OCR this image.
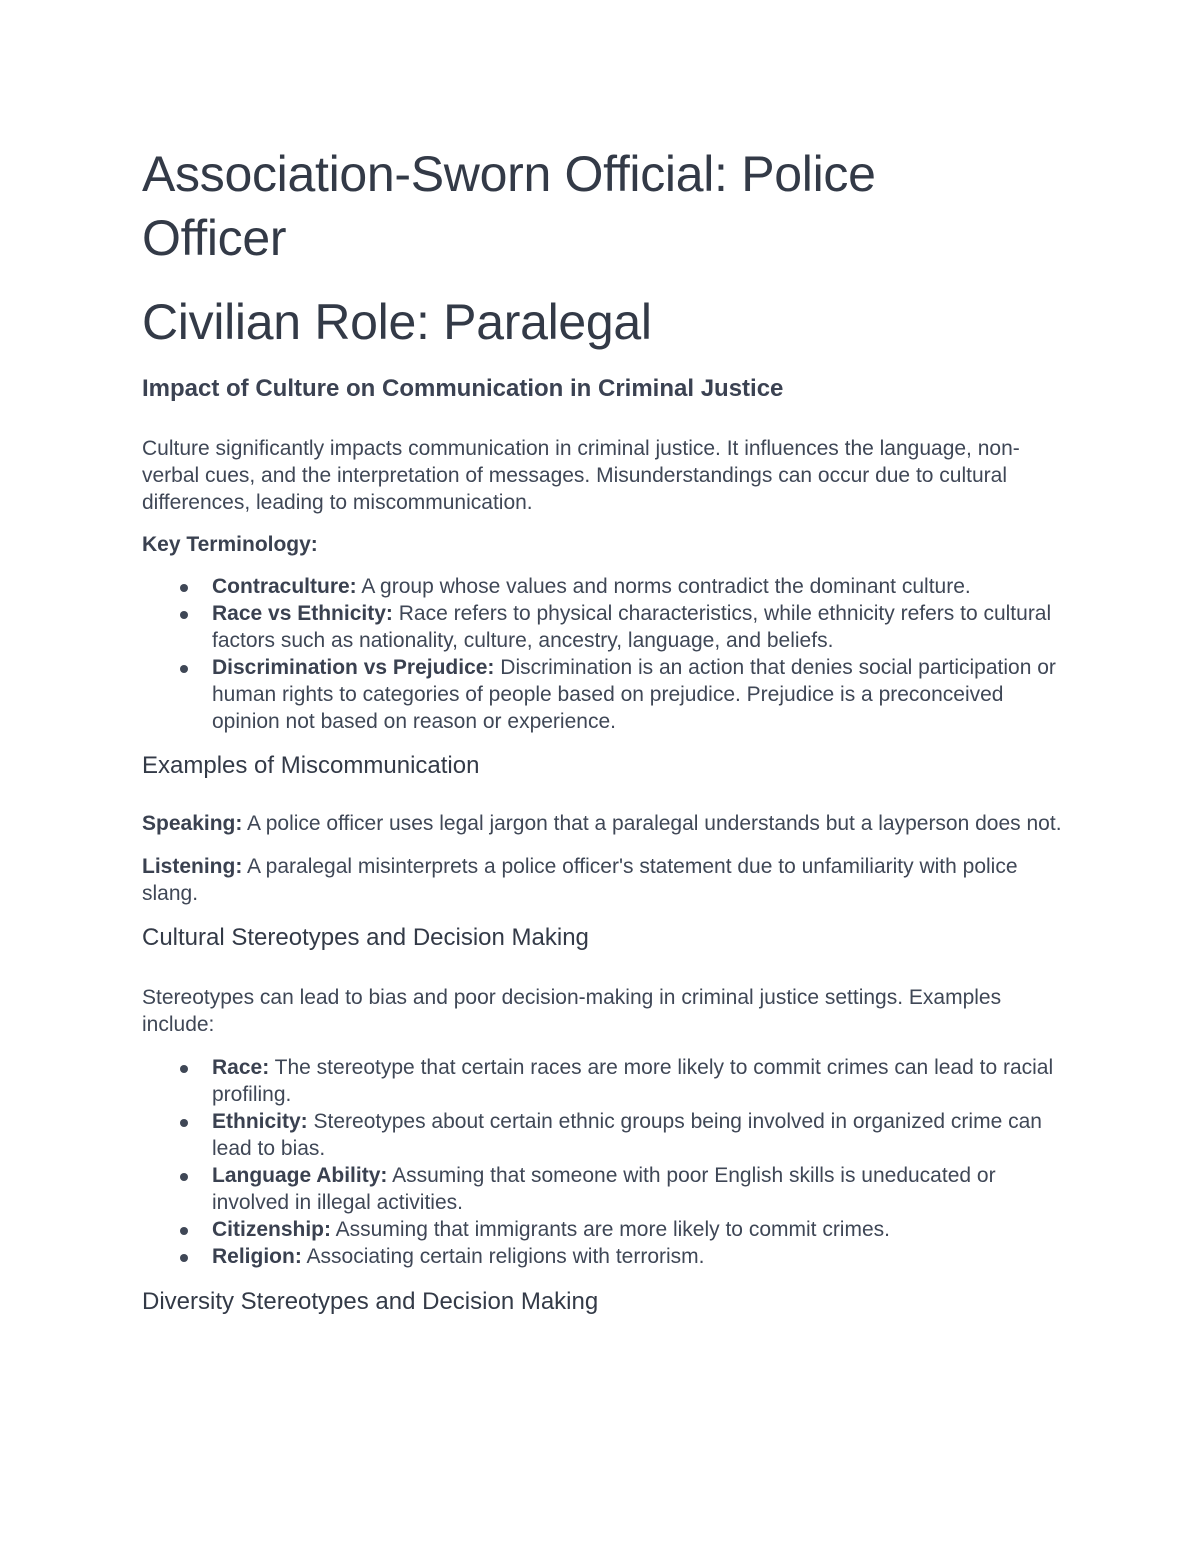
Association-Sworn Official: Police
Officer
Civilian Role: Paralegal
Impact of Culture on Communication in Criminal Justice

Culture significantly impacts communication in criminal justice. It influences the language, non-verbal cues, and the interpretation of messages. Misunderstandings can occur due to cultural differences, leading to miscommunication.

Key Terminology:

Contraculture: A group whose values and norms contradict the dominant culture.
Race vs Ethnicity: Race refers to physical characteristics, while ethnicity refers to cultural factors such as nationality, culture, ancestry, language, and beliefs.
Discrimination vs Prejudice: Discrimination is an action that denies social participation or human rights to categories of people based on prejudice. Prejudice is a preconceived opinion not based on reason or experience.
Examples of Miscommunication

Speaking: A police officer uses legal jargon that a paralegal understands but a layperson does not.

Listening: A paralegal misinterprets a police officer's statement due to unfamiliarity with police slang.

Cultural Stereotypes and Decision Making

Stereotypes can lead to bias and poor decision-making in criminal justice settings. Examples include:

Race: The stereotype that certain races are more likely to commit crimes can lead to racial profiling.
Ethnicity: Stereotypes about certain ethnic groups being involved in organized crime can lead to bias.
Language Ability: Assuming that someone with poor English skills is uneducated or involved in illegal activities.
Citizenship: Assuming that immigrants are more likely to commit crimes.
Religion: Associating certain religions with terrorism.
Diversity Stereotypes and Decision Making
